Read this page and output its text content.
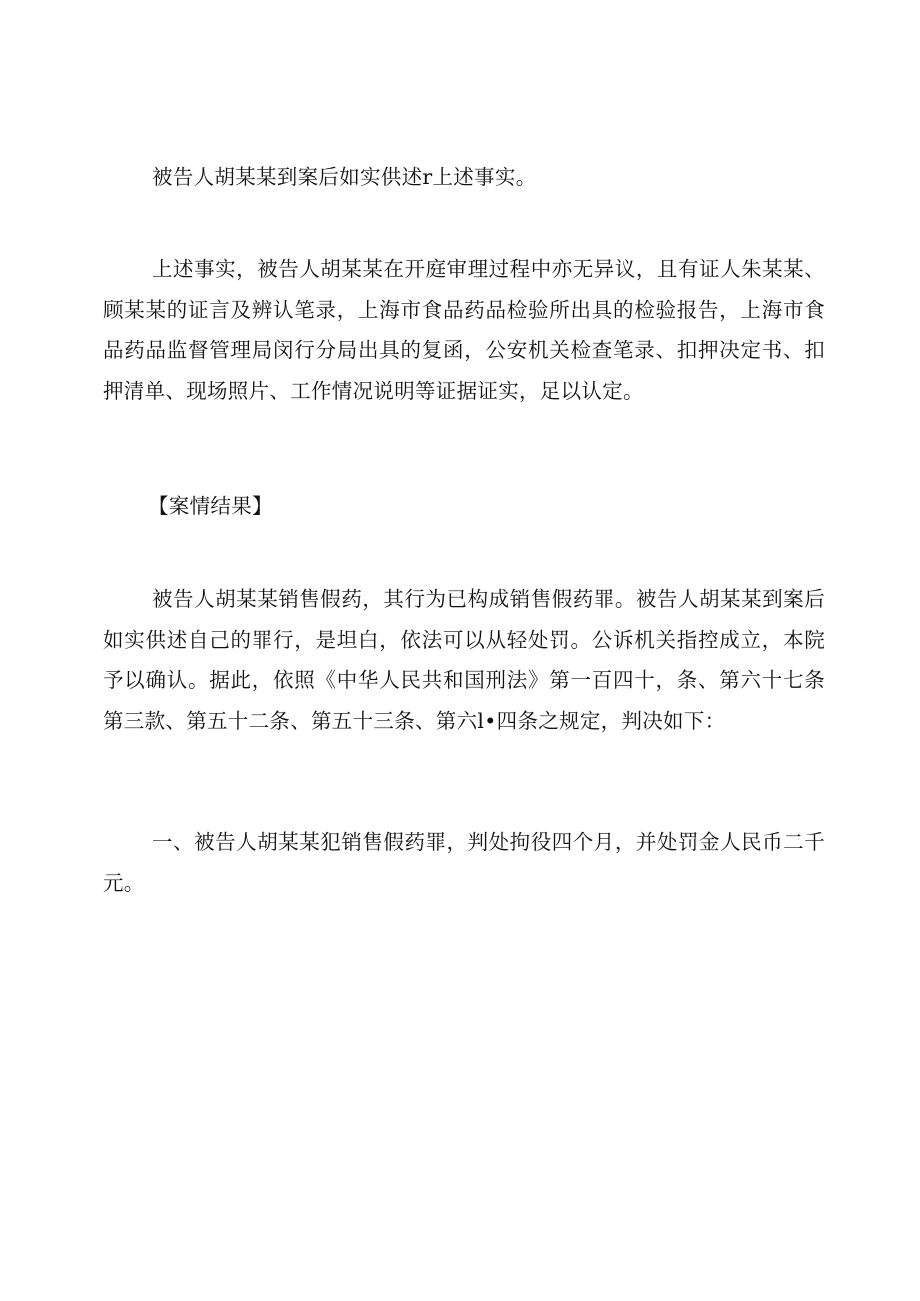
被告人胡某某到案后如实供述r上述事实。

上述事实，被告人胡某某在开庭审理过程中亦无异议，且有证人朱某某、顾某某的证言及辨认笔录，上海市食品药品检验所出具的检验报告，上海市食品药品监督管理局闵行分局出具的复函，公安机关检查笔录、扣押决定书、扣押清单、现场照片、工作情况说明等证据证实，足以认定。

【案情结果】

被告人胡某某销售假药，其行为已构成销售假药罪。被告人胡某某到案后如实供述自己的罪行，是坦白，依法可以从轻处罚。公诉机关指控成立，本院予以确认。据此，依照《中华人民共和国刑法》第一百四十，条、第六十七条第三款、第五十二条、第五十三条、第六l•四条之规定，判决如下：

一、被告人胡某某犯销售假药罪，判处拘役四个月，并处罚金人民币二千元。
